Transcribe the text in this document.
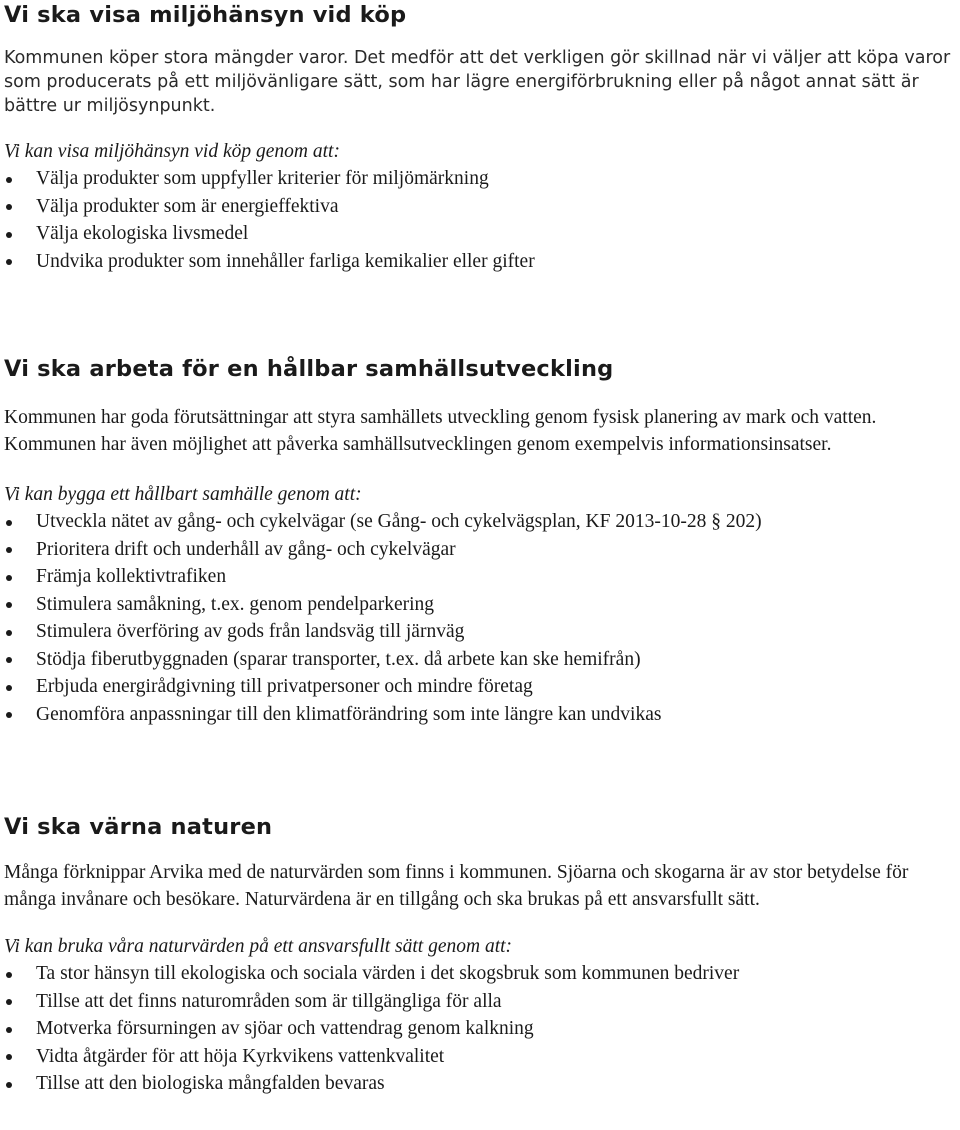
Vi ska visa miljöhänsyn vid köp

Kommunen köper stora mängder varor. Det medför att det verkligen gör skillnad när vi väljer att köpa varor som producerats på ett miljövänligare sätt, som har lägre energiförbrukning eller på något annat sätt är bättre ur miljösynpunkt.

Vi kan visa miljöhänsyn vid köp genom att:

Välja produkter som uppfyller kriterier för miljömärkning
Välja produkter som är energieffektiva
Välja ekologiska livsmedel
Undvika produkter som innehåller farliga kemikalier eller gifter
Vi ska arbeta för en hållbar samhällsutveckling

Kommunen har goda förutsättningar att styra samhällets utveckling genom fysisk planering av mark och vatten. Kommunen har även möjlighet att påverka samhällsutvecklingen genom exempelvis informationsinsatser.

Vi kan bygga ett hållbart samhälle genom att:

Utveckla nätet av gång- och cykelvägar (se Gång- och cykelvägsplan, KF 2013-10-28 § 202)
Prioritera drift och underhåll av gång- och cykelvägar
Främja kollektivtrafiken
Stimulera samåkning, t.ex. genom pendelparkering
Stimulera överföring av gods från landsväg till järnväg
Stödja fiberutbyggnaden (sparar transporter, t.ex. då arbete kan ske hemifrån)
Erbjuda energirådgivning till privatpersoner och mindre företag
Genomföra anpassningar till den klimatförändring som inte längre kan undvikas
Vi ska värna naturen

Många förknippar Arvika med de naturvärden som finns i kommunen. Sjöarna och skogarna är av stor betydelse för många invånare och besökare. Naturvärdena är en tillgång och ska brukas på ett ansvarsfullt sätt.

Vi kan bruka våra naturvärden på ett ansvarsfullt sätt genom att:

Ta stor hänsyn till ekologiska och sociala värden i det skogsbruk som kommunen bedriver
Tillse att det finns naturområden som är tillgängliga för alla
Motverka försurningen av sjöar och vattendrag genom kalkning
Vidta åtgärder för att höja Kyrkvikens vattenkvalitet
Tillse att den biologiska mångfalden bevaras
